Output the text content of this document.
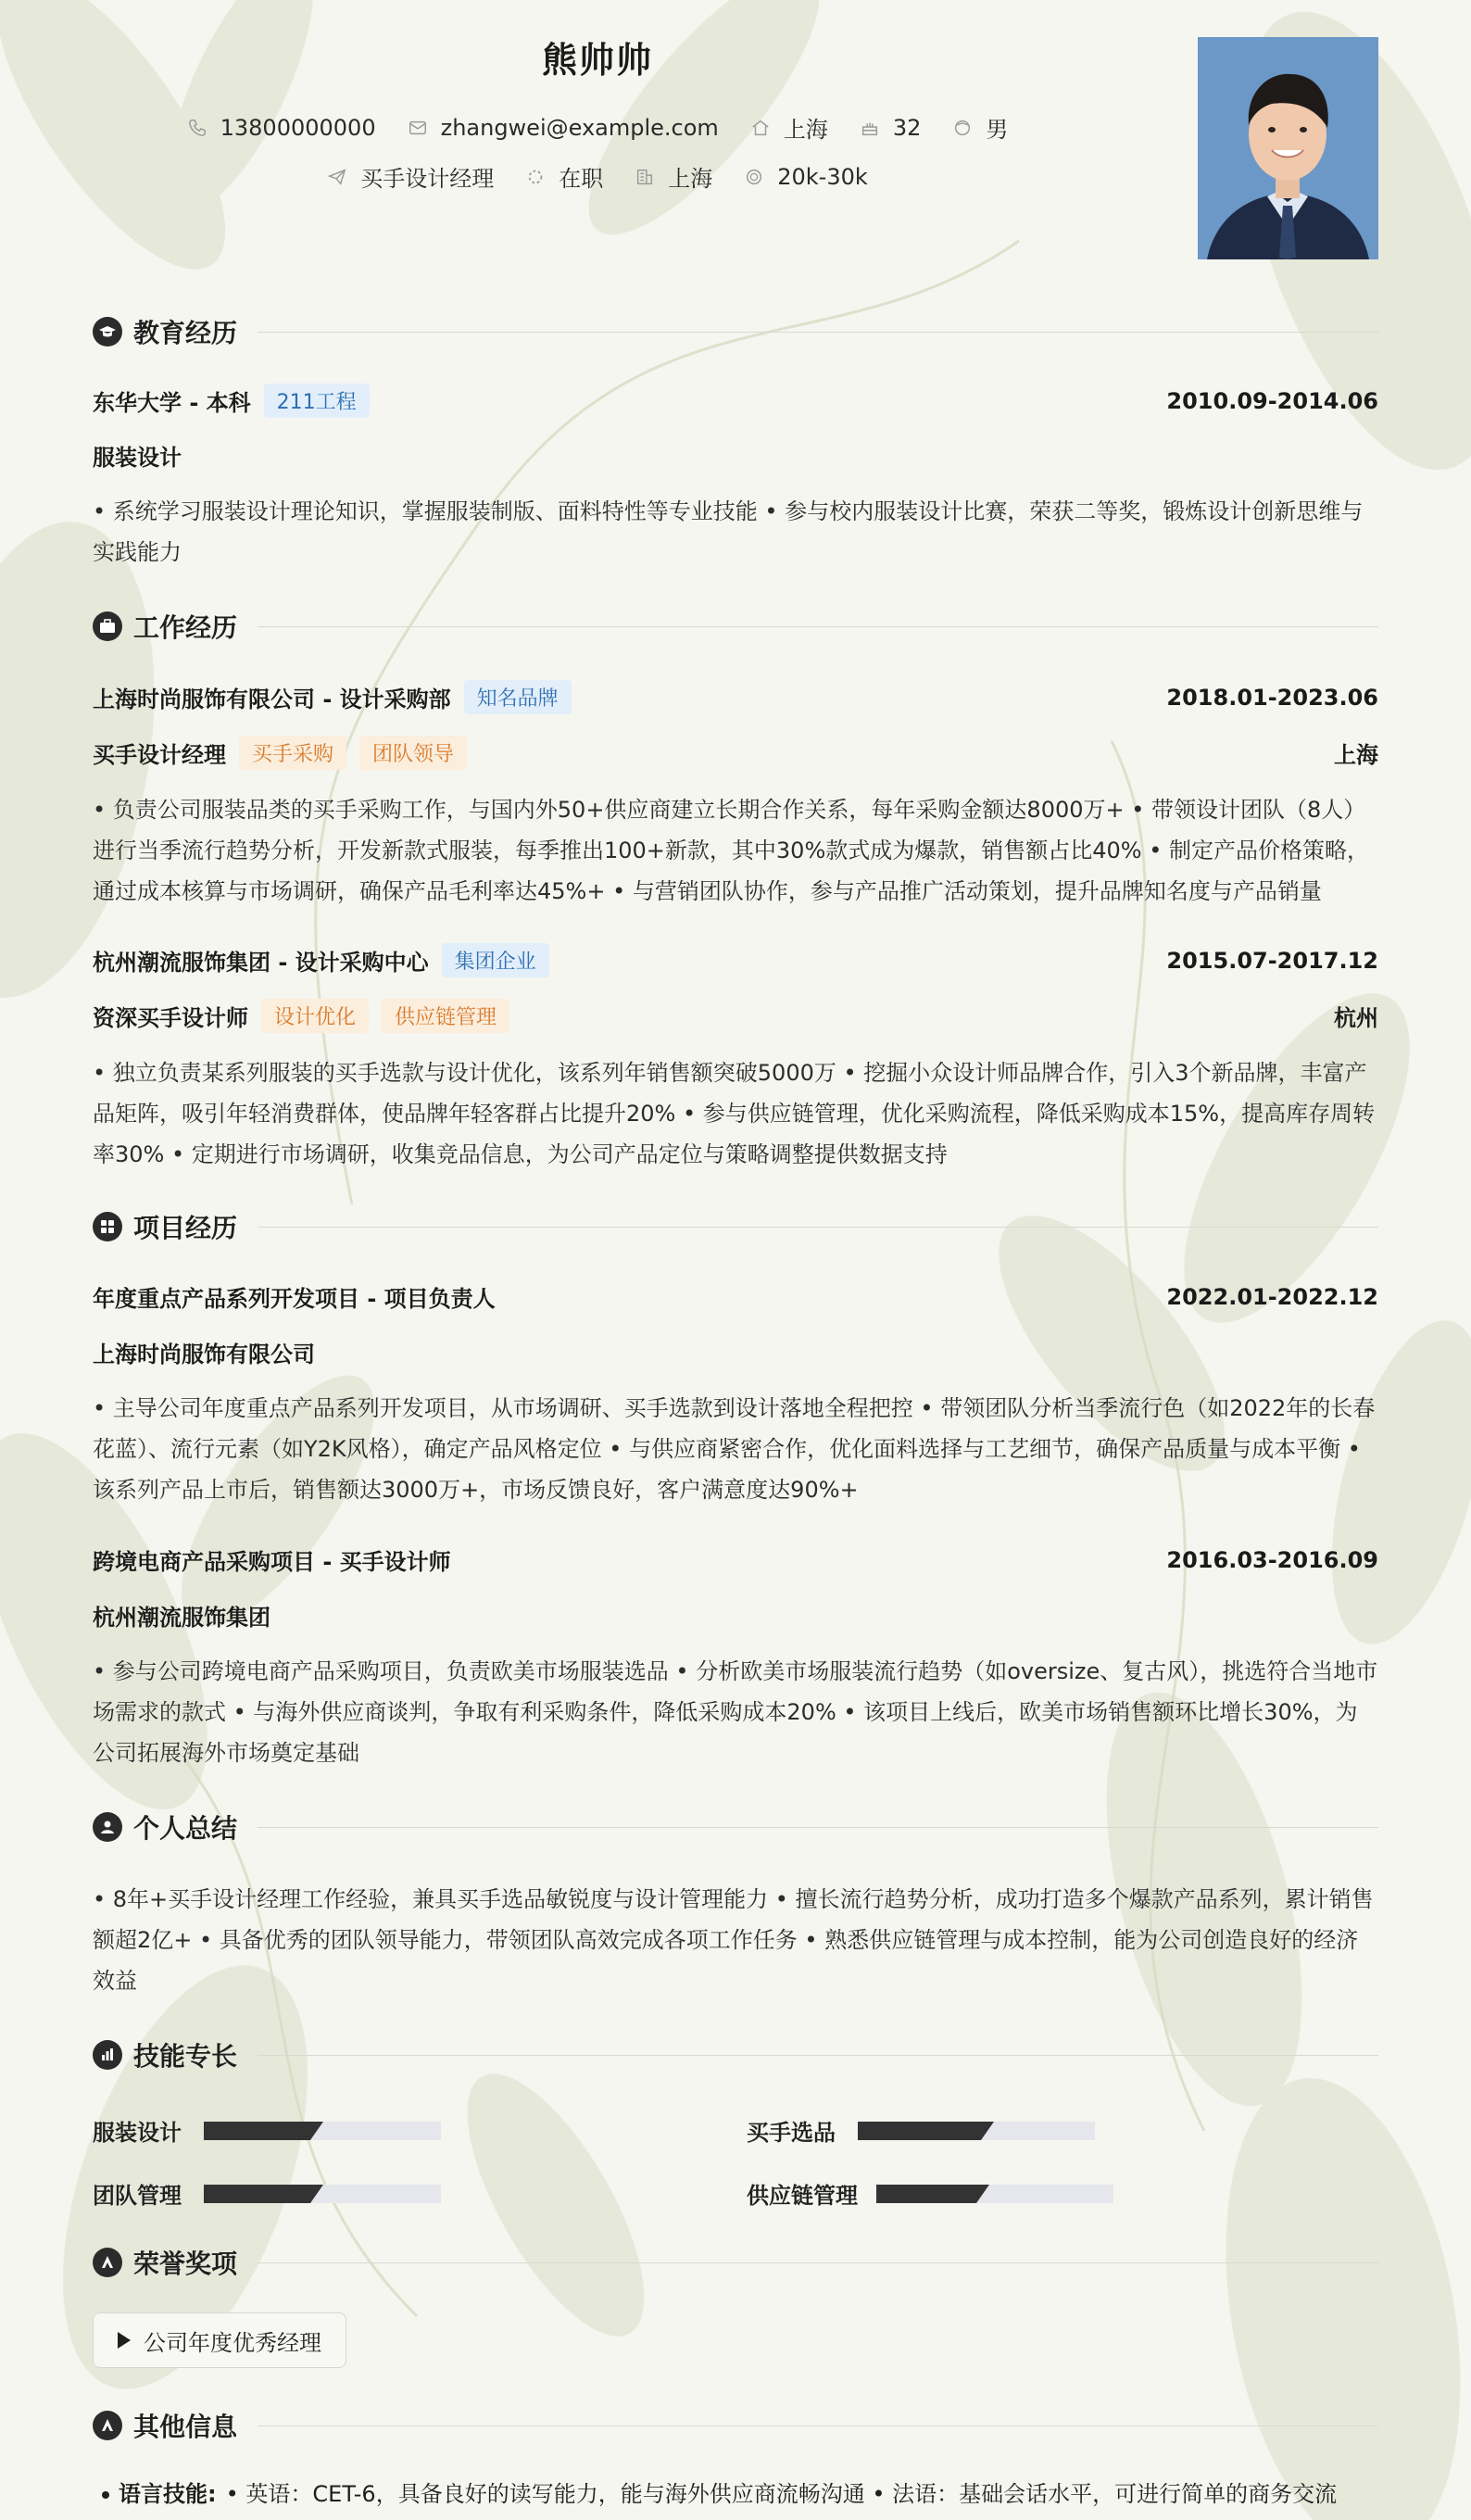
熊帅帅
13800000000	zhangwei@example.com	上海	32	男
买手设计经理	在职	上海	20k-30k
教育经历
东华大学 - 本科	211工程	2010.09-2014.06
服装设计
• 系统学习服装设计理论知识，掌握服装制版、面料特性等专业技能 • 参与校内服装设计比赛，荣获二等奖，锻炼设计创新思维与实践能力
工作经历
上海时尚服饰有限公司 - 设计采购部	知名品牌	2018.01-2023.06
买手设计经理	买手采购	团队领导	上海
• 负责公司服装品类的买手采购工作，与国内外50+供应商建立长期合作关系，每年采购金额达8000万+ • 带领设计团队（8人）进行当季流行趋势分析，开发新款式服装，每季推出100+新款，其中30%款式成为爆款，销售额占比40% • 制定产品价格策略，通过成本核算与市场调研，确保产品毛利率达45%+ • 与营销团队协作，参与产品推广活动策划，提升品牌知名度与产品销量
杭州潮流服饰集团 - 设计采购中心	集团企业	2015.07-2017.12
资深买手设计师	设计优化	供应链管理	杭州
• 独立负责某系列服装的买手选款与设计优化，该系列年销售额突破5000万 • 挖掘小众设计师品牌合作，引入3个新品牌，丰富产品矩阵，吸引年轻消费群体，使品牌年轻客群占比提升20% • 参与供应链管理，优化采购流程，降低采购成本15%，提高库存周转率30% • 定期进行市场调研，收集竞品信息，为公司产品定位与策略调整提供数据支持
项目经历
年度重点产品系列开发项目 - 项目负责人	2022.01-2022.12
上海时尚服饰有限公司
• 主导公司年度重点产品系列开发项目，从市场调研、买手选款到设计落地全程把控 • 带领团队分析当季流行色（如2022年的长春花蓝）、流行元素（如Y2K风格），确定产品风格定位 • 与供应商紧密合作，优化面料选择与工艺细节，确保产品质量与成本平衡 • 该系列产品上市后，销售额达3000万+，市场反馈良好，客户满意度达90%+
跨境电商产品采购项目 - 买手设计师	2016.03-2016.09
杭州潮流服饰集团
• 参与公司跨境电商产品采购项目，负责欧美市场服装选品 • 分析欧美市场服装流行趋势（如oversize、复古风），挑选符合当地市场需求的款式 • 与海外供应商谈判，争取有利采购条件，降低采购成本20% • 该项目上线后，欧美市场销售额环比增长30%，为公司拓展海外市场奠定基础
个人总结
• 8年+买手设计经理工作经验，兼具买手选品敏锐度与设计管理能力 • 擅长流行趋势分析，成功打造多个爆款产品系列，累计销售额超2亿+ • 具备优秀的团队领导能力，带领团队高效完成各项工作任务 • 熟悉供应链管理与成本控制，能为公司创造良好的经济效益
技能专长
服装设计	买手选品
团队管理	供应链管理
荣誉奖项
公司年度优秀经理
其他信息
语言技能: • 英语：CET-6，具备良好的读写能力，能与海外供应商流畅沟通 • 法语：基础会话水平，可进行简单的商务交流
